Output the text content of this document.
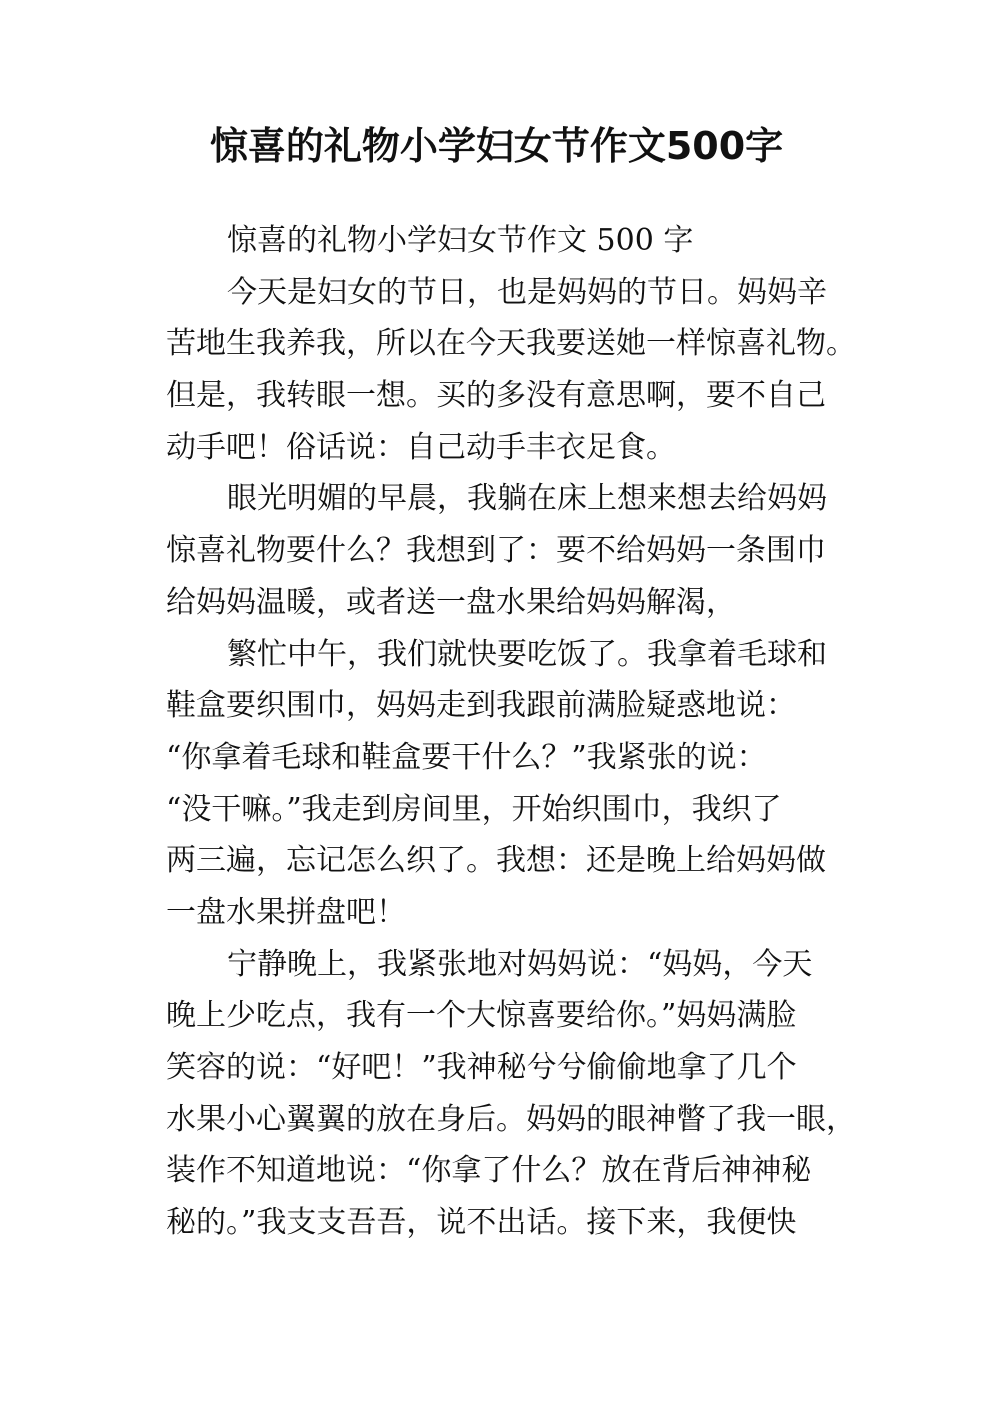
惊喜的礼物小学妇女节作文500字
惊喜的礼物小学妇女节作文 500 字
今天是妇女的节日，也是妈妈的节日。妈妈辛
苦地生我养我，所以在今天我要送她一样惊喜礼物。
但是，我转眼一想。买的多没有意思啊，要不自己
动手吧！俗话说：自己动手丰衣足食。
眼光明媚的早晨，我躺在床上想来想去给妈妈
惊喜礼物要什么？我想到了：要不给妈妈一条围巾
给妈妈温暖，或者送一盘水果给妈妈解渴，
繁忙中午，我们就快要吃饭了。我拿着毛球和
鞋盒要织围巾，妈妈走到我跟前满脸疑惑地说：
“你拿着毛球和鞋盒要干什么？”我紧张的说：
“没干嘛。”我走到房间里，开始织围巾，我织了
两三遍，忘记怎么织了。我想：还是晚上给妈妈做
一盘水果拼盘吧！
宁静晚上，我紧张地对妈妈说：“妈妈，今天
晚上少吃点，我有一个大惊喜要给你。”妈妈满脸
笑容的说：“好吧！”我神秘兮兮偷偷地拿了几个
水果小心翼翼的放在身后。妈妈的眼神瞥了我一眼，
装作不知道地说：“你拿了什么？放在背后神神秘
秘的。”我支支吾吾，说不出话。接下来，我便快
